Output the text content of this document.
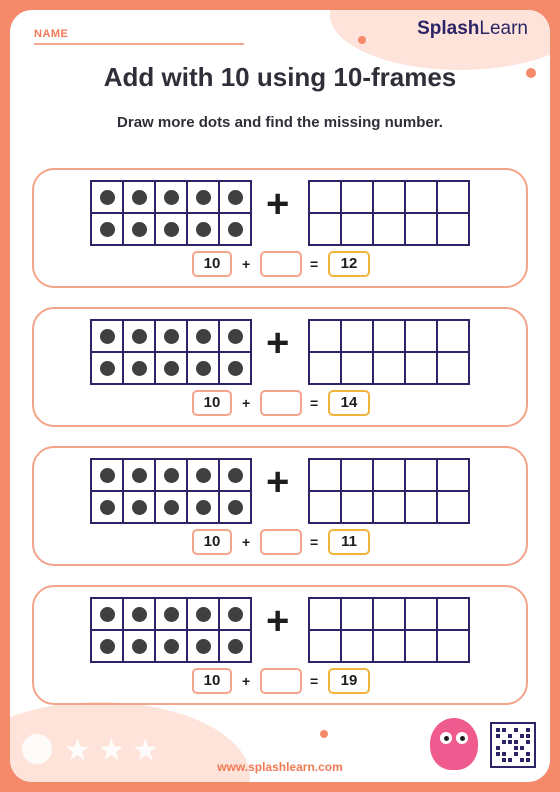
NAME	SplashLearn
Add with 10 using 10-frames
Draw more dots and find the missing number.
+
10	+	=	12
+
10	+	=	14
+
10	+	=	11
+
10	+	=	19
★ ★ ★	www.splashlearn.com
